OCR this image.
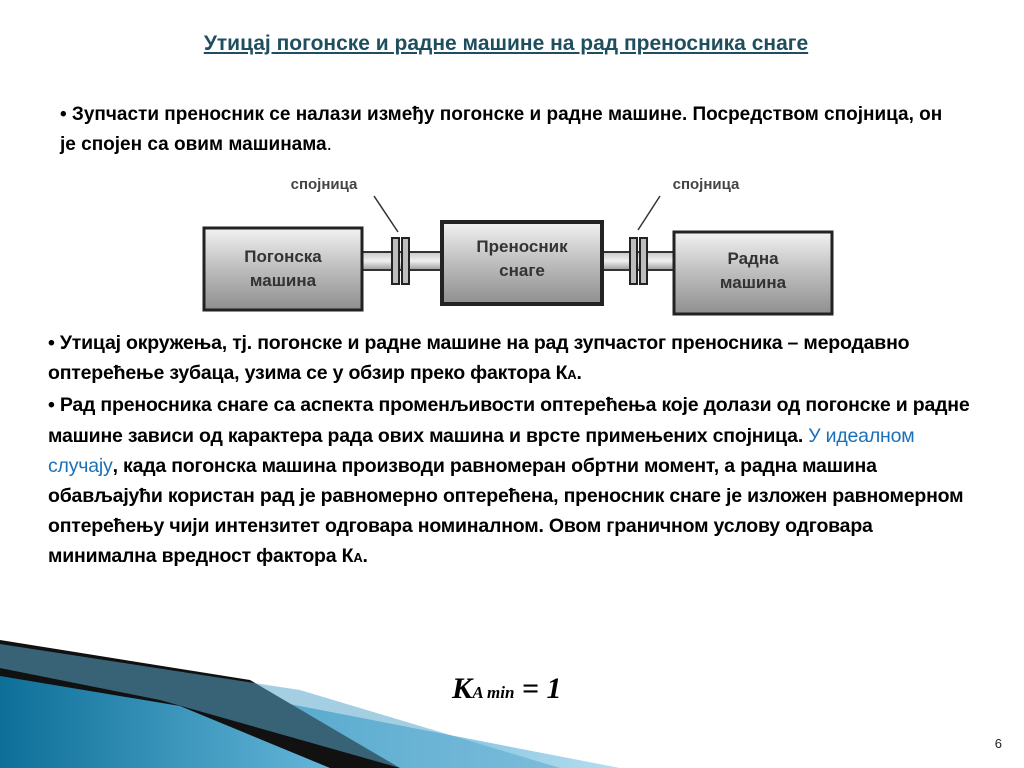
Утицај погонске и радне машине на рад преносника снаге
• Зупчасти преносник се налази између погонске и радне машине. Посредством спојница, он је спојен са овим машинама.
спојница	спојница
Погонска
машина
Преносник
снаге
Радна
машина
• Утицај окружења, тј. погонске и радне машине на рад зупчастог преносника – меродавно оптерећење зубаца, узима се у обзир преко фактора КА.
• Рад преносника снаге са аспекта променљивости оптерећења које долази од погонске и радне машине зависи од карактера рада ових машина и врсте примењених спојница. У идеалном случају, када погонска машина производи равномеран обртни момент, а радна машина обављајући користан рад је равномерно оптерећена, преносник снаге је изложен равномерном оптерећењу чији интензитет одговара номиналном. Овом граничном услову одговара минимална вредност фактора КА.
КA min = 1
6
